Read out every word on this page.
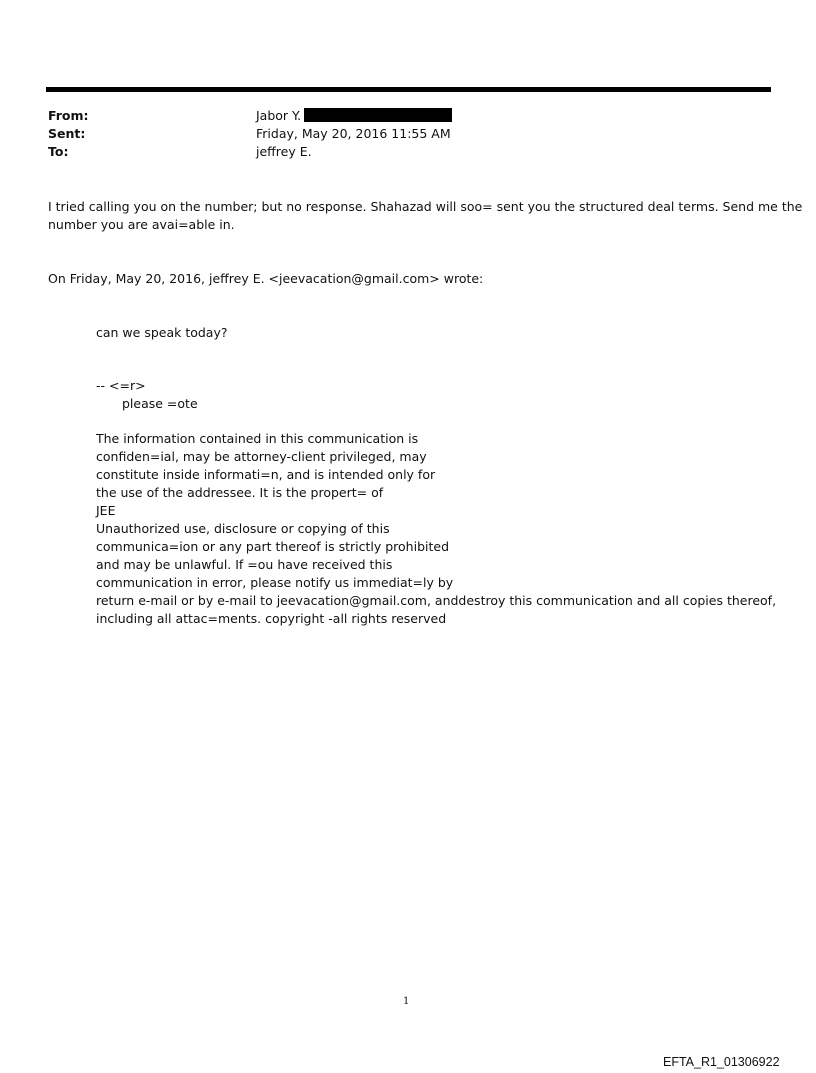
From:	Jabor Y.
Sent:	Friday, May 20, 2016 11:55 AM
To:	jeffrey E.
I tried calling you on the number; but no response. Shahazad will soo= sent you the structured deal terms. Send me the
number you are avai=able in.
On Friday, May 20, 2016, jeffrey E. <jeevacation@gmail.com> wrote:
can we speak today?
-- <=r>
please =ote
The information contained in this communication is
confiden=ial, may be attorney-client privileged, may
constitute inside informati=n, and is intended only for
the use of the addressee. It is the propert= of
JEE
Unauthorized use, disclosure or copying of this
communica=ion or any part thereof is strictly prohibited
and may be unlawful. If =ou have received this
communication in error, please notify us immediat=ly by
return e-mail or by e-mail to jeevacation@gmail.com, anddestroy this communication and all copies thereof,
including all attac=ments. copyright -all rights reserved
1
EFTA_R1_01306922
